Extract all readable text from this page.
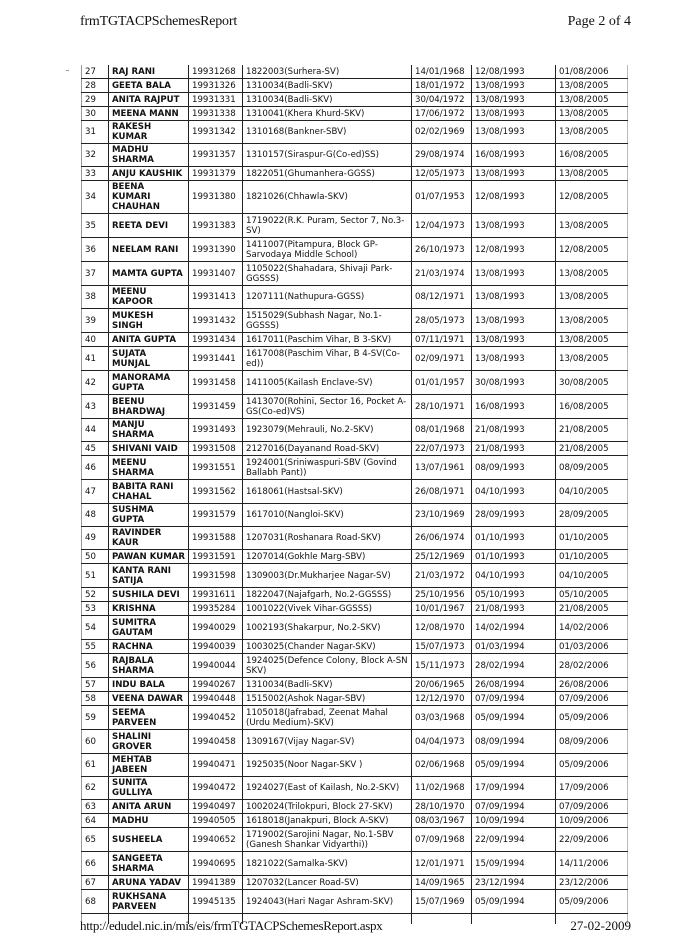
frmTGTACPSchemesReport	Page 2 of 4
27	RAJ RANI	19931268	1822003(Surhera-SV)	14/01/1968	12/08/1993	01/08/2006
28	GEETA BALA	19931326	1310034(Badli-SKV)	18/01/1972	13/08/1993	13/08/2005
29	ANITA RAJPUT	19931331	1310034(Badli-SKV)	30/04/1972	13/08/1993	13/08/2005
30	MEENA MANN	19931338	1310041(Khera Khurd-SKV)	17/06/1972	13/08/1993	13/08/2005
31	RAKESH KUMAR	19931342	1310168(Bankner-SBV)	02/02/1969	13/08/1993	13/08/2005
32	MADHU SHARMA	19931357	1310157(Siraspur-G(Co-ed)SS)	29/08/1974	16/08/1993	16/08/2005
33	ANJU KAUSHIK	19931379	1822051(Ghumanhera-GGSS)	12/05/1973	13/08/1993	13/08/2005
34	BEENA KUMARI CHAUHAN	19931380	1821026(Chhawla-SKV)	01/07/1953	12/08/1993	12/08/2005
35	REETA DEVI	19931383	1719022(R.K. Puram, Sector 7, No.3-SV)	12/04/1973	13/08/1993	13/08/2005
36	NEELAM RANI	19931390	1411007(Pitampura, Block GP-Sarvodaya Middle School)	26/10/1973	12/08/1993	12/08/2005
37	MAMTA GUPTA	19931407	1105022(Shahadara, Shivaji Park-GGSSS)	21/03/1974	13/08/1993	13/08/2005
38	MEENU KAPOOR	19931413	1207111(Nathupura-GGSS)	08/12/1971	13/08/1993	13/08/2005
39	MUKESH SINGH	19931432	1515029(Subhash Nagar, No.1-GGSSS)	28/05/1973	13/08/1993	13/08/2005
40	ANITA GUPTA	19931434	1617011(Paschim Vihar, B 3-SKV)	07/11/1971	13/08/1993	13/08/2005
41	SUJATA MUNJAL	19931441	1617008(Paschim Vihar, B 4-SV(Co-ed))	02/09/1971	13/08/1993	13/08/2005
42	MANORAMA GUPTA	19931458	1411005(Kailash Enclave-SV)	01/01/1957	30/08/1993	30/08/2005
43	BEENU BHARDWAJ	19931459	1413070(Rohini, Sector 16, Pocket A-GS(Co-ed)VS)	28/10/1971	16/08/1993	16/08/2005
44	MANJU SHARMA	19931493	1923079(Mehrauli, No.2-SKV)	08/01/1968	21/08/1993	21/08/2005
45	SHIVANI VAID	19931508	2127016(Dayanand Road-SKV)	22/07/1973	21/08/1993	21/08/2005
46	MEENU SHARMA	19931551	1924001(Sriniwaspuri-SBV (Govind Ballabh Pant))	13/07/1961	08/09/1993	08/09/2005
47	BABITA RANI CHAHAL	19931562	1618061(Hastsal-SKV)	26/08/1971	04/10/1993	04/10/2005
48	SUSHMA GUPTA	19931579	1617010(Nangloi-SKV)	23/10/1969	28/09/1993	28/09/2005
49	RAVINDER KAUR	19931588	1207031(Roshanara Road-SKV)	26/06/1974	01/10/1993	01/10/2005
50	PAWAN KUMAR	19931591	1207014(Gokhle Marg-SBV)	25/12/1969	01/10/1993	01/10/2005
51	KANTA RANI SATIJA	19931598	1309003(Dr.Mukharjee Nagar-SV)	21/03/1972	04/10/1993	04/10/2005
52	SUSHILA DEVI	19931611	1822047(Najafgarh, No.2-GGSSS)	25/10/1956	05/10/1993	05/10/2005
53	KRISHNA	19935284	1001022(Vivek Vihar-GGSSS)	10/01/1967	21/08/1993	21/08/2005
54	SUMITRA GAUTAM	19940029	1002193(Shakarpur, No.2-SKV)	12/08/1970	14/02/1994	14/02/2006
55	RACHNA	19940039	1003025(Chander Nagar-SKV)	15/07/1973	01/03/1994	01/03/2006
56	RAJBALA SHARMA	19940044	1924025(Defence Colony, Block A-SN SKV)	15/11/1973	28/02/1994	28/02/2006
57	INDU BALA	19940267	1310034(Badli-SKV)	20/06/1965	26/08/1994	26/08/2006
58	VEENA DAWAR	19940448	1515002(Ashok Nagar-SBV)	12/12/1970	07/09/1994	07/09/2006
59	SEEMA PARVEEN	19940452	1105018(Jafrabad, Zeenat Mahal (Urdu Medium)-SKV)	03/03/1968	05/09/1994	05/09/2006
60	SHALINI GROVER	19940458	1309167(Vijay Nagar-SV)	04/04/1973	08/09/1994	08/09/2006
61	MEHTAB JABEEN	19940471	1925035(Noor Nagar-SKV )	02/06/1968	05/09/1994	05/09/2006
62	SUNITA GULLIYA	19940472	1924027(East of Kailash, No.2-SKV)	11/02/1968	17/09/1994	17/09/2006
63	ANITA ARUN	19940497	1002024(Trilokpuri, Block 27-SKV)	28/10/1970	07/09/1994	07/09/2006
64	MADHU	19940505	1618018(Janakpuri, Block A-SKV)	08/03/1967	10/09/1994	10/09/2006
65	SUSHEELA	19940652	1719002(Sarojini Nagar, No.1-SBV (Ganesh Shankar Vidyarthi))	07/09/1968	22/09/1994	22/09/2006
66	SANGEETA SHARMA	19940695	1821022(Samalka-SKV)	12/01/1971	15/09/1994	14/11/2006
67	ARUNA YADAV	19941389	1207032(Lancer Road-SV)	14/09/1965	23/12/1994	23/12/2006
68	RUKHSANA PARVEEN	19945135	1924043(Hari Nagar Ashram-SKV)	15/07/1969	05/09/1994	05/09/2006

http://edudel.nic.in/mis/eis/frmTGTACPSchemesReport.aspx	27-02-2009
